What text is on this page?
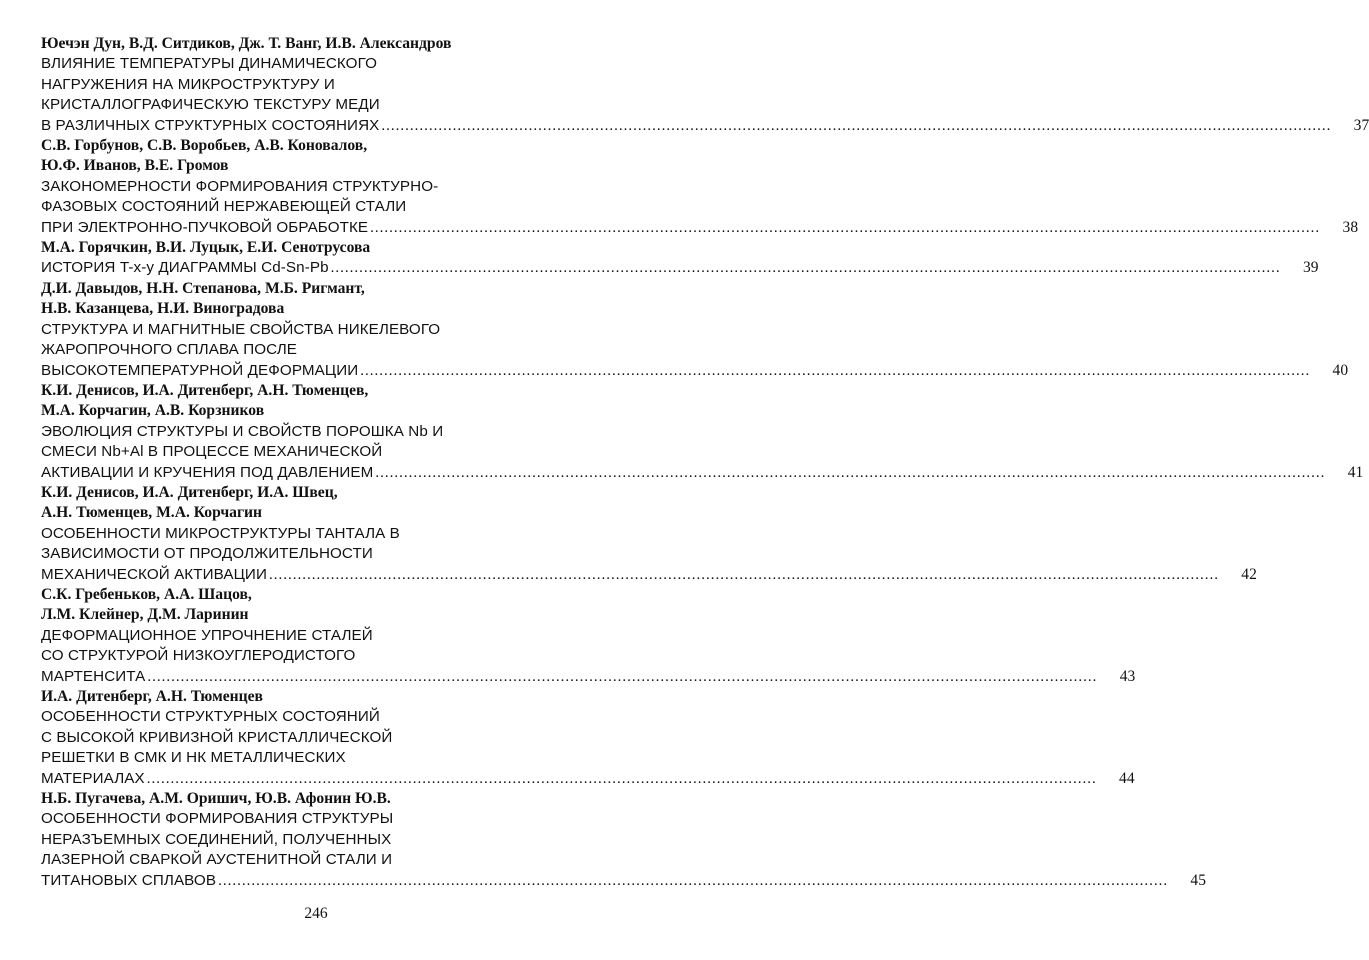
Юечэн Дун, В.Д. Ситдиков, Дж. Т. Ванг, И.В. Александров
ВЛИЯНИЕ ТЕМПЕРАТУРЫ ДИНАМИЧЕСКОГО
НАГРУЖЕНИЯ НА МИКРОСТРУКТУРУ И
КРИСТАЛЛОГРАФИЧЕСКУЮ ТЕКСТУРУ МЕДИ
В РАЗЛИЧНЫХ СТРУКТУРНЫХ СОСТОЯНИЯХ ........................................................................................................................................................................................................	37
С.В. Горбунов, С.В. Воробьев, А.В. Коновалов,
Ю.Ф. Иванов, В.Е. Громов
ЗАКОНОМЕРНОСТИ ФОРМИРОВАНИЯ СТРУКТУРНО-
ФАЗОВЫХ СОСТОЯНИЙ НЕРЖАВЕЮЩЕЙ СТАЛИ
ПРИ ЭЛЕКТРОННО-ПУЧКОВОЙ ОБРАБОТКЕ ........................................................................................................................................................................................................	38
М.А. Горячкин, В.И. Луцык, Е.И. Сенотрусова
ИСТОРИЯ T-x-y ДИАГРАММЫ Cd-Sn-Pb ........................................................................................................................................................................................................	39
Д.И. Давыдов, Н.Н. Степанова, М.Б. Ригмант,
Н.В. Казанцева, Н.И. Виноградова
СТРУКТУРА И МАГНИТНЫЕ СВОЙСТВА НИКЕЛЕВОГО
ЖАРОПРОЧНОГО СПЛАВА ПОСЛЕ
ВЫСОКОТЕМПЕРАТУРНОЙ ДЕФОРМАЦИИ ........................................................................................................................................................................................................	40
К.И. Денисов, И.А. Дитенберг, А.Н. Тюменцев,
М.А. Корчагин, А.В. Корзников
ЭВОЛЮЦИЯ СТРУКТУРЫ И СВОЙСТВ ПОРОШКА Nb И
СМЕСИ Nb+Al В ПРОЦЕССЕ МЕХАНИЧЕСКОЙ
АКТИВАЦИИ И КРУЧЕНИЯ ПОД ДАВЛЕНИЕМ ........................................................................................................................................................................................................	41
К.И. Денисов, И.А. Дитенберг, И.А. Швец,
А.Н. Тюменцев, М.А. Корчагин
ОСОБЕННОСТИ МИКРОСТРУКТУРЫ ТАНТАЛА В
ЗАВИСИМОСТИ ОТ ПРОДОЛЖИТЕЛЬНОСТИ
МЕХАНИЧЕСКОЙ АКТИВАЦИИ ........................................................................................................................................................................................................	42
С.К. Гребеньков, А.А. Шацов,
Л.М. Клейнер, Д.М. Ларинин
ДЕФОРМАЦИОННОЕ УПРОЧНЕНИЕ СТАЛЕЙ
СО СТРУКТУРОЙ НИЗКОУГЛЕРОДИСТОГО
МАРТЕНСИТА ........................................................................................................................................................................................................	43
И.А. Дитенберг, А.Н. Тюменцев
ОСОБЕННОСТИ СТРУКТУРНЫХ СОСТОЯНИЙ
С ВЫСОКОЙ КРИВИЗНОЙ КРИСТАЛЛИЧЕСКОЙ
РЕШЕТКИ В СМК И НК МЕТАЛЛИЧЕСКИХ
МАТЕРИАЛАХ ........................................................................................................................................................................................................	44
Н.Б. Пугачева, А.М. Оришич, Ю.В. Афонин Ю.В.
ОСОБЕННОСТИ ФОРМИРОВАНИЯ СТРУКТУРЫ
НЕРАЗЪЕМНЫХ СОЕДИНЕНИЙ, ПОЛУЧЕННЫХ
ЛАЗЕРНОЙ СВАРКОЙ АУСТЕНИТНОЙ СТАЛИ И
ТИТАНОВЫХ СПЛАВОВ ........................................................................................................................................................................................................	45
246
